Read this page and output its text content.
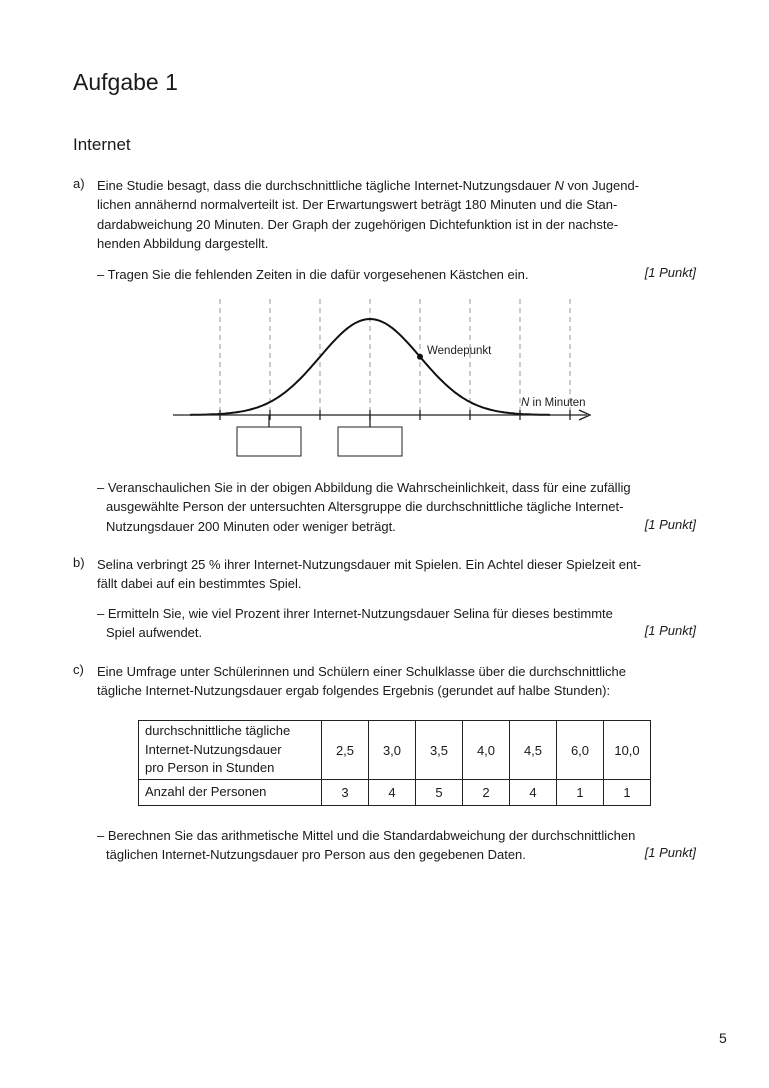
Aufgabe 1
Internet
a) Eine Studie besagt, dass die durchschnittliche tägliche Internet-Nutzungsdauer N von Jugend-
lichen annähernd normalverteilt ist. Der Erwartungswert beträgt 180 Minuten und die Stan-
dardabweichung 20 Minuten. Der Graph der zugehörigen Dichtefunktion ist in der nachste-
henden Abbildung dargestellt.
– Tragen Sie die fehlenden Zeiten in die dafür vorgesehenen Kästchen ein.	[1 Punkt]
Wendepunkt
N in Minuten
– Veranschaulichen Sie in der obigen Abbildung die Wahrscheinlichkeit, dass für eine zufällig
ausgewählte Person der untersuchten Altersgruppe die durchschnittliche tägliche Internet-
Nutzungsdauer 200 Minuten oder weniger beträgt.	[1 Punkt]
b) Selina verbringt 25 % ihrer Internet-Nutzungsdauer mit Spielen. Ein Achtel dieser Spielzeit ent-
fällt dabei auf ein bestimmtes Spiel.
– Ermitteln Sie, wie viel Prozent ihrer Internet-Nutzungsdauer Selina für dieses bestimmte
Spiel aufwendet.	[1 Punkt]
c) Eine Umfrage unter Schülerinnen und Schülern einer Schulklasse über die durchschnittliche
tägliche Internet-Nutzungsdauer ergab folgendes Ergebnis (gerundet auf halbe Stunden):
durchschnittliche tägliche
Internet-Nutzungsdauer
pro Person in Stunden	2,5	3,0	3,5	4,0	4,5	6,0	10,0
Anzahl der Personen	3	4	5	2	4	1	1
– Berechnen Sie das arithmetische Mittel und die Standardabweichung der durchschnittlichen
täglichen Internet-Nutzungsdauer pro Person aus den gegebenen Daten.	[1 Punkt]
5
